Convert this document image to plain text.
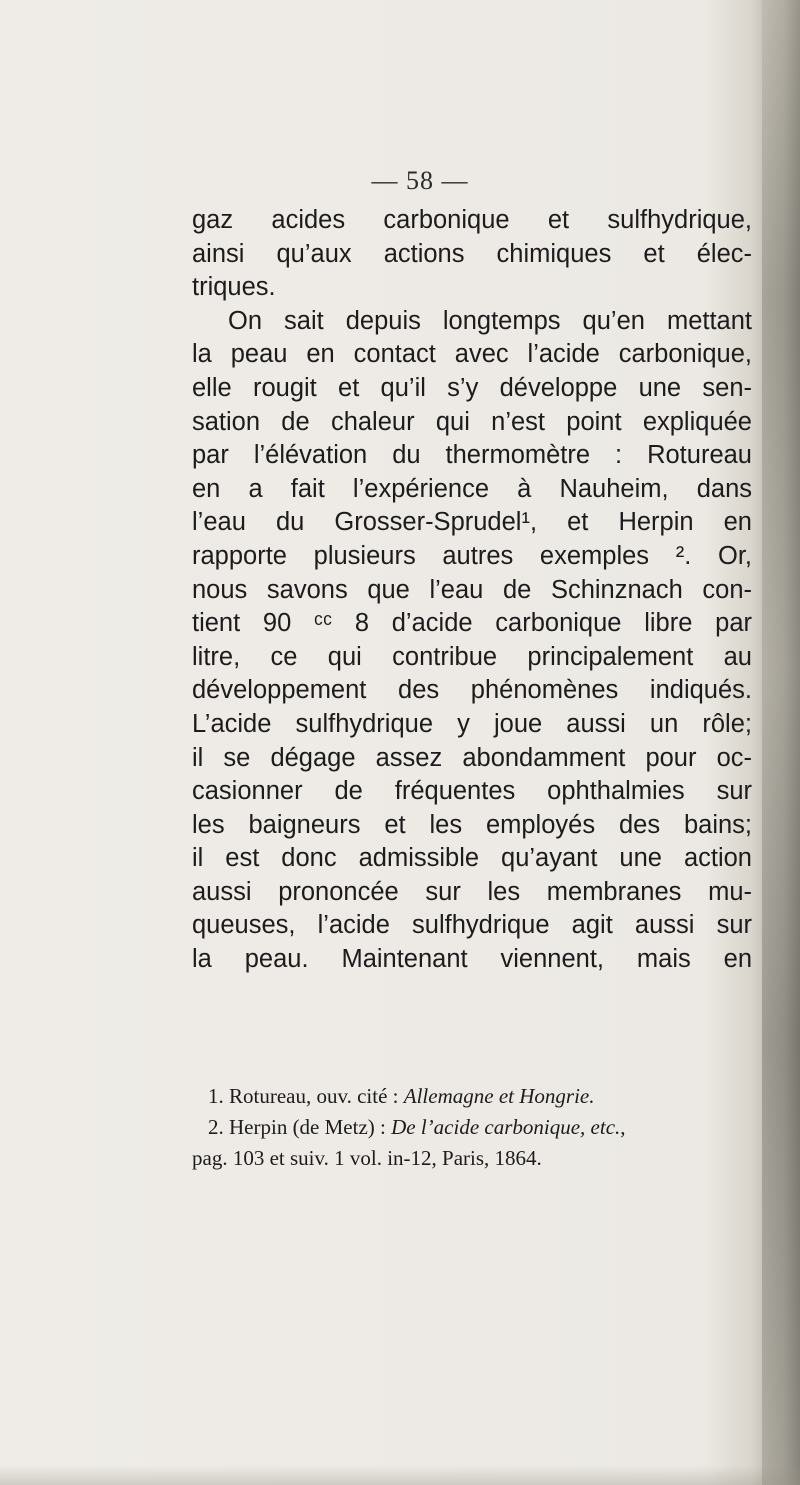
— 58 —
gaz acides carbonique et sulfhydrique,
ainsi qu’aux actions chimiques et élec-
triques.
On sait depuis longtemps qu’en mettant
la peau en contact avec l’acide carbonique,
elle rougit et qu’il s’y développe une sen-
sation de chaleur qui n’est point expliquée
par l’élévation du thermomètre : Rotureau
en a fait l’expérience à Nauheim, dans
l’eau du Grosser-Sprudel¹, et Herpin en
rapporte plusieurs autres exemples ². Or,
nous savons que l’eau de Schinznach con-
tient 90 ᶜᶜ 8 d’acide carbonique libre par
litre, ce qui contribue principalement au
développement des phénomènes indiqués.
L’acide sulfhydrique y joue aussi un rôle;
il se dégage assez abondamment pour oc-
casionner de fréquentes ophthalmies sur
les baigneurs et les employés des bains;
il est donc admissible qu’ayant une action
aussi prononcée sur les membranes mu-
queuses, l’acide sulfhydrique agit aussi sur
la peau. Maintenant viennent, mais en
1. Rotureau, ouv. cité : Allemagne et Hongrie.
2. Herpin (de Metz) : De l’acide carbonique, etc.,
pag. 103 et suiv. 1 vol. in-12, Paris, 1864.
